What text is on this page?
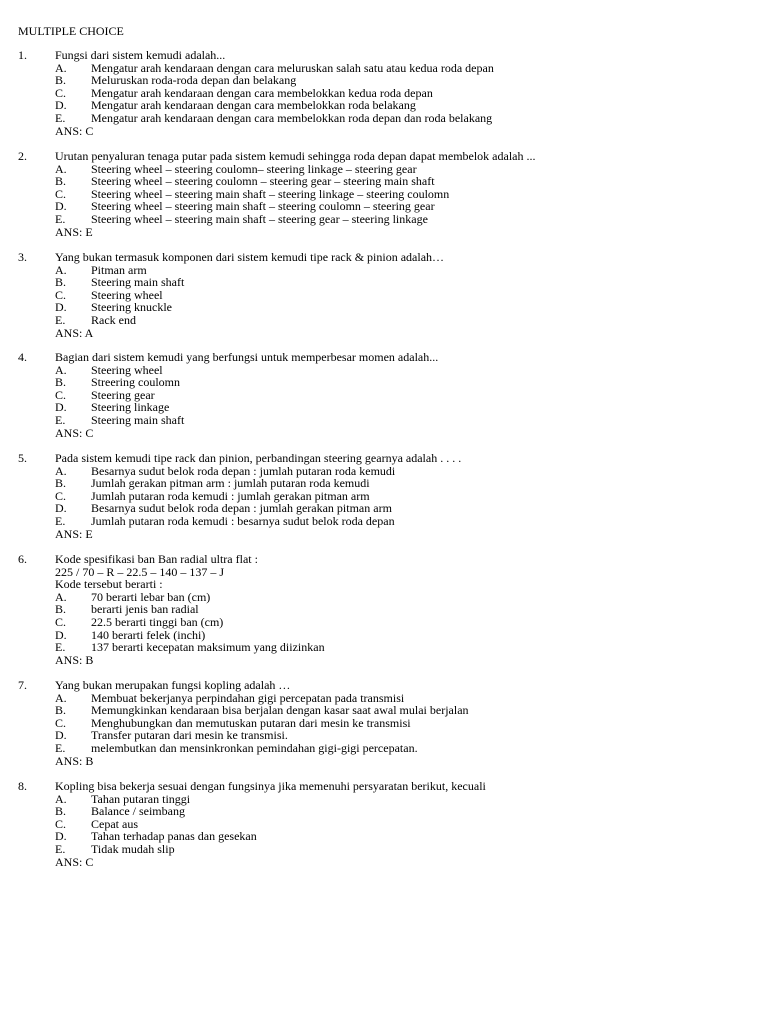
MULTIPLE CHOICE
1. Fungsi dari sistem kemudi adalah...
A. Mengatur arah kendaraan dengan cara meluruskan salah satu atau kedua roda depan
B. Meluruskan roda-roda depan dan belakang
C. Mengatur arah kendaraan dengan cara membelokkan kedua roda depan
D. Mengatur arah kendaraan dengan cara membelokkan roda belakang
E. Mengatur arah kendaraan dengan cara membelokkan roda depan dan roda belakang
ANS: C
2. Urutan penyaluran tenaga putar pada sistem kemudi sehingga roda depan dapat membelok adalah ...
A. Steering wheel – steering coulomn– steering linkage – steering gear
B. Steering wheel – steering coulomn – steering gear – steering main shaft
C. Steering wheel – steering main shaft – steering linkage – steering coulomn
D. Steering wheel – steering main shaft – steering coulomn – steering gear
E. Steering wheel – steering main shaft – steering gear – steering linkage
ANS: E
3. Yang bukan termasuk komponen dari sistem kemudi tipe rack & pinion adalah…
A. Pitman arm
B. Steering main shaft
C. Steering wheel
D. Steering knuckle
E. Rack end
ANS: A
4. Bagian dari sistem kemudi yang berfungsi untuk memperbesar momen adalah...
A. Steering wheel
B. Streering coulomn
C. Steering gear
D. Steering linkage
E. Steering main shaft
ANS: C
5. Pada sistem kemudi tipe rack dan pinion, perbandingan steering gearnya adalah . . . .
A. Besarnya sudut belok roda depan : jumlah putaran roda kemudi
B. Jumlah gerakan pitman arm : jumlah putaran roda kemudi
C. Jumlah putaran roda kemudi : jumlah gerakan pitman arm
D. Besarnya sudut belok roda depan : jumlah gerakan pitman arm
E. Jumlah putaran roda kemudi : besarnya sudut belok roda depan
ANS: E
6. Kode spesifikasi ban Ban radial ultra flat :
225 / 70 – R – 22.5 – 140 – 137 – J
Kode tersebut berarti :
A. 70 berarti lebar ban (cm)
B. berarti jenis ban radial
C. 22.5 berarti tinggi ban (cm)
D. 140 berarti felek (inchi)
E. 137 berarti kecepatan maksimum yang diizinkan
ANS: B
7. Yang bukan merupakan fungsi kopling adalah …
A. Membuat bekerjanya perpindahan gigi percepatan pada transmisi
B. Memungkinkan kendaraan bisa berjalan dengan kasar saat awal mulai berjalan
C. Menghubungkan dan memutuskan putaran dari mesin ke transmisi
D. Transfer putaran dari mesin ke transmisi.
E. melembutkan dan mensinkronkan pemindahan gigi-gigi percepatan.
ANS: B
8. Kopling bisa bekerja sesuai dengan fungsinya jika memenuhi persyaratan berikut, kecuali
A. Tahan putaran tinggi
B. Balance / seimbang
C. Cepat aus
D. Tahan terhadap panas dan gesekan
E. Tidak mudah slip
ANS: C
